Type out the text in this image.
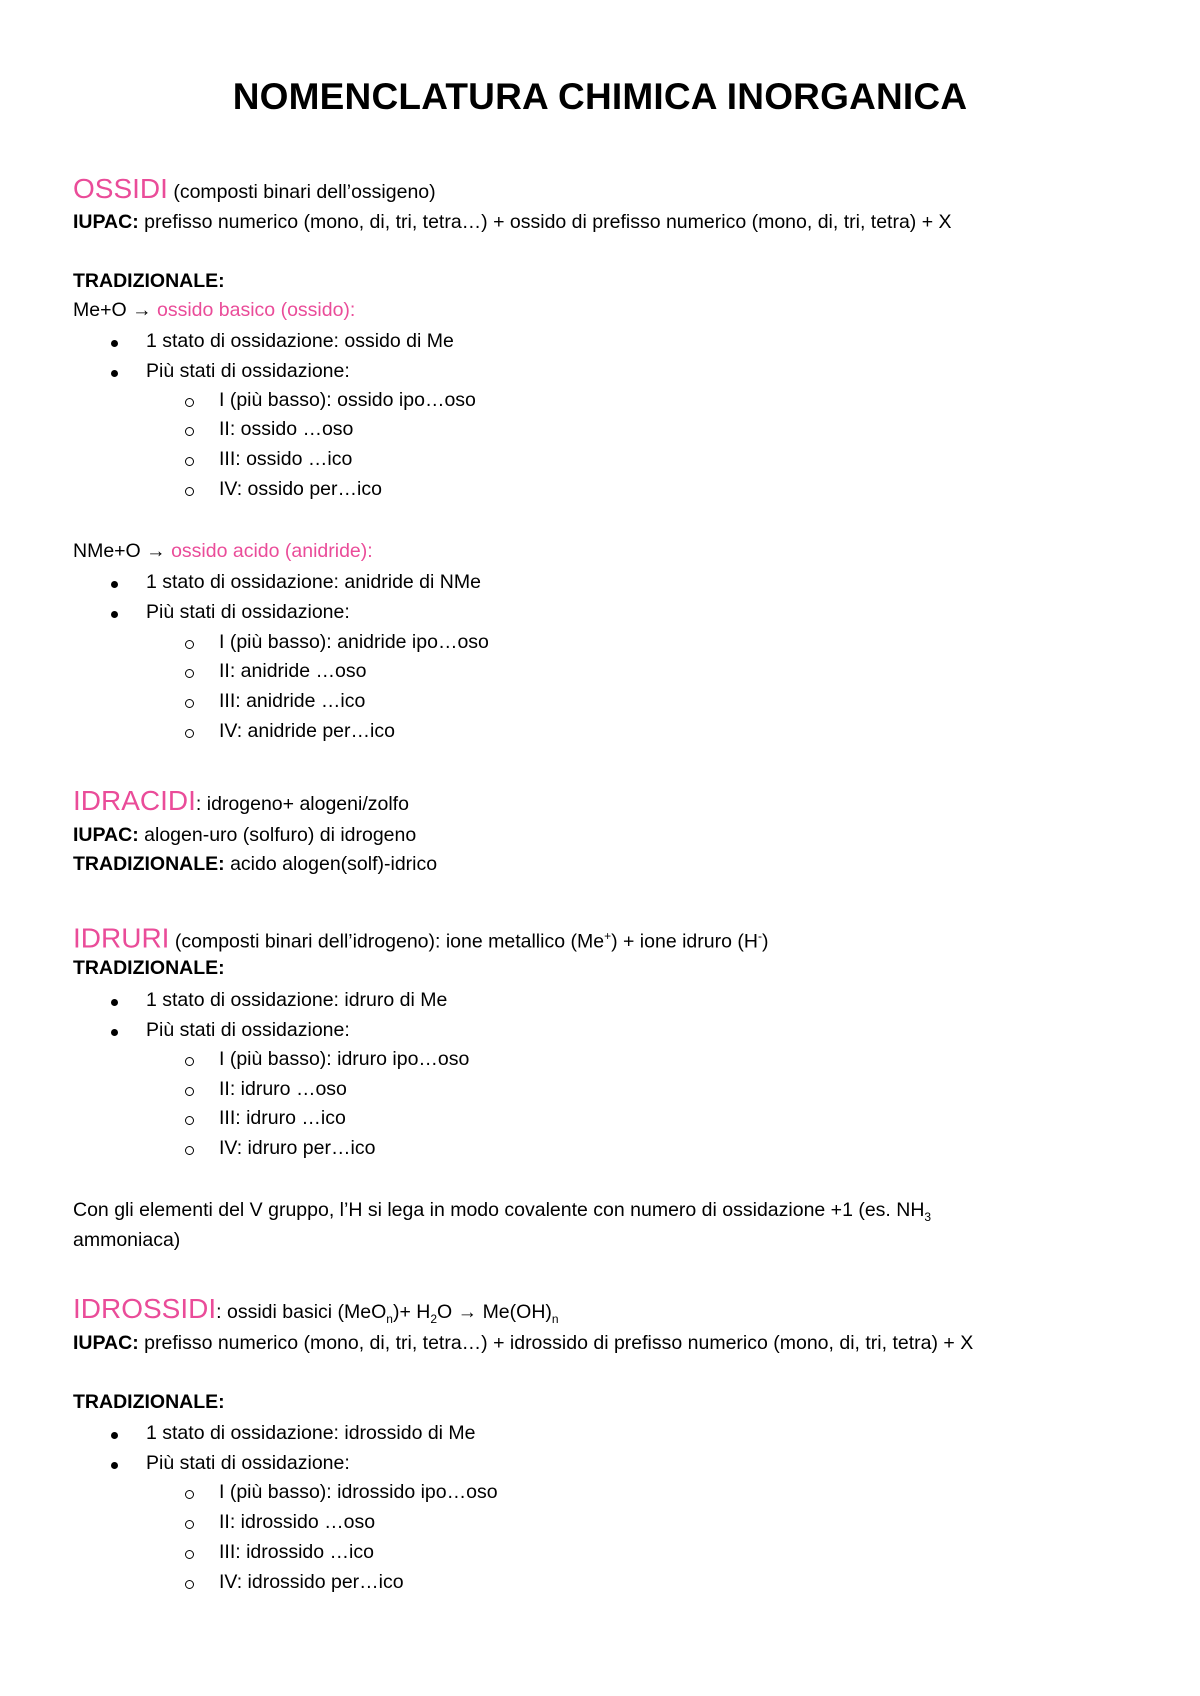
NOMENCLATURA CHIMICA INORGANICA
OSSIDI (composti binari dell’ossigeno)
IUPAC: prefisso numerico (mono, di, tri, tetra…) + ossido di prefisso numerico (mono, di, tri, tetra) + X
TRADIZIONALE:
Me+O → ossido basico (ossido):
1 stato di ossidazione: ossido di Me
Più stati di ossidazione:
I (più basso): ossido ipo…oso
II: ossido …oso
III: ossido …ico
IV: ossido per…ico
NMe+O → ossido acido (anidride):
1 stato di ossidazione: anidride di NMe
Più stati di ossidazione:
I (più basso): anidride ipo…oso
II: anidride …oso
III: anidride …ico
IV: anidride per…ico
IDRACIDI: idrogeno+ alogeni/zolfo
IUPAC: alogen-uro (solfuro) di idrogeno
TRADIZIONALE: acido alogen(solf)-idrico
IDRURI (composti binari dell’idrogeno): ione metallico (Me+) + ione idruro (H-)
TRADIZIONALE:
1 stato di ossidazione: idruro di Me
Più stati di ossidazione:
I (più basso): idruro ipo…oso
II: idruro …oso
III: idruro …ico
IV: idruro per…ico
Con gli elementi del V gruppo, l’H si lega in modo covalente con numero di ossidazione +1 (es. $NH_3$
ammoniaca)
IDROSSIDI: ossidi basici $(MeO_n)+ H_2O \to Me(OH)_n$
IUPAC: prefisso numerico (mono, di, tri, tetra…) + idrossido di prefisso numerico (mono, di, tri, tetra) + X
TRADIZIONALE:
1 stato di ossidazione: idrossido di Me
Più stati di ossidazione:
I (più basso): idrossido ipo…oso
II: idrossido …oso
III: idrossido …ico
IV: idrossido per…ico
